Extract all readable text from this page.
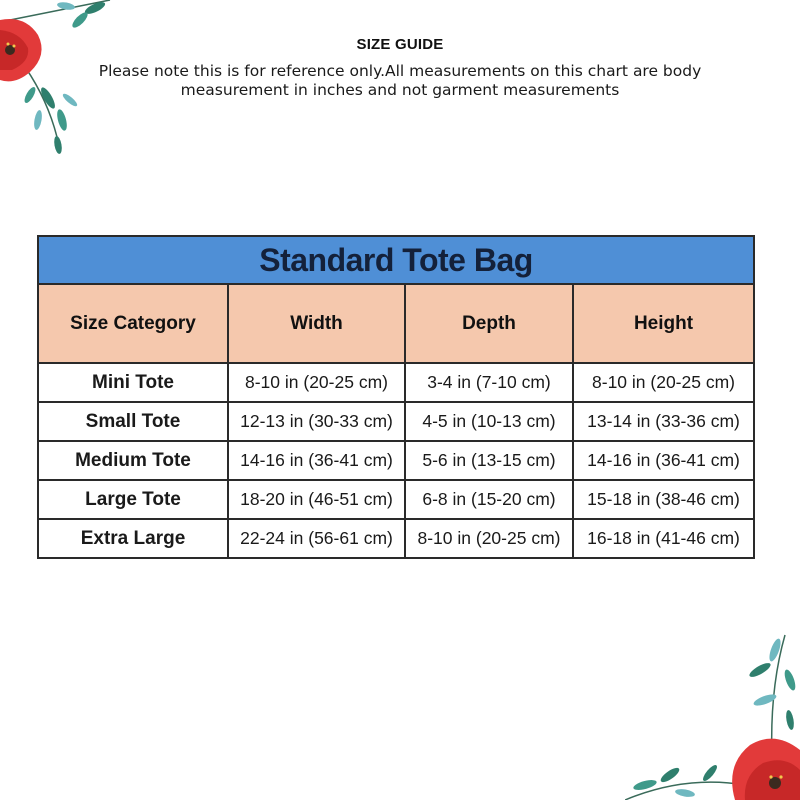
SIZE GUIDE
Please note this is for reference only.All measurements on this chart are body measurement in inches and not garment measurements
Standard Tote Bag			
Size Category	Width	Depth	Height
Mini Tote	8-10 in (20-25 cm)	3-4 in (7-10 cm)	8-10 in (20-25 cm)
Small Tote	12-13 in (30-33 cm)	4-5 in (10-13 cm)	13-14 in (33-36 cm)
Medium Tote	14-16 in (36-41 cm)	5-6 in (13-15 cm)	14-16 in (36-41 cm)
Large Tote	18-20 in (46-51 cm)	6-8 in (15-20 cm)	15-18 in (38-46 cm)
Extra Large	22-24 in (56-61 cm)	8-10 in (20-25 cm)	16-18 in (41-46 cm)
